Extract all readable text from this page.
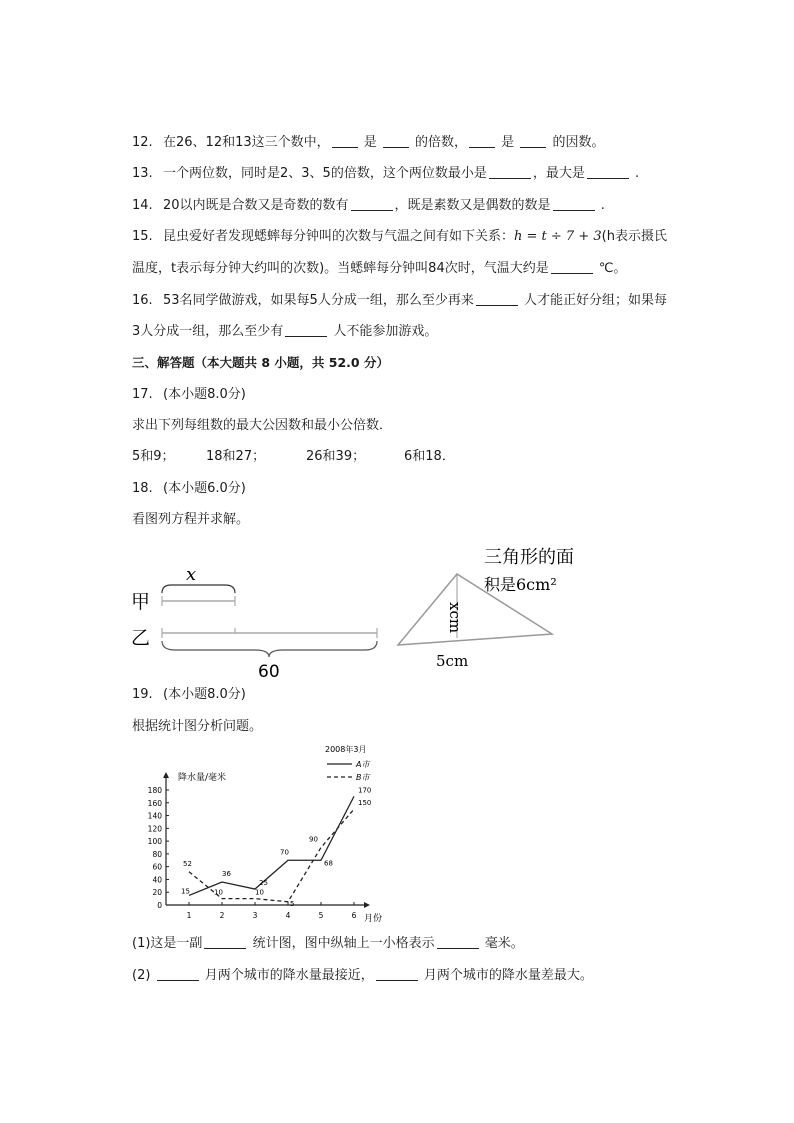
12. 在26、12和13这三个数中， 是  的倍数， 是  的因数。
13. 一个两位数，同时是2、3、5的倍数，这个两位数最小是	，最大是	.
14. 20以内既是合数又是奇数的数有	，既是素数又是偶数的数是	.
15. 昆虫爱好者发现蟋蟀每分钟叫的次数与气温之间有如下关系：h = t ÷ 7 + 3(h表示摄氏
温度，t表示每分钟大约叫的次数)。当蟋蟀每分钟叫84次时，气温大约是	℃。
16. 53名同学做游戏，如果每5人分成一组，那么至少再来	人才能正好分组；如果每
3人分成一组，那么至少有	人不能参加游戏。
三、解答题（本大题共 8 小题，共 52.0 分）
17. (本小题8.0分)
求出下列每组数的最大公因数和最小公倍数．
5和9； 18和27；	26和39；	6和18．
18. (本小题6.0分)
看图列方程并求解。
x
甲
乙
60
三角形的面
积是6cm²
xcm
5cm
19. (本小题8.0分)
根据统计图分析问题。
2008年3月
A市
B市
降水量/毫米
月份
0
20
40
60
80
100
120
140
160
180
1	2	3	4	5	6
15
36
25
70
170
52
10	10
5
90
150
68
(1)这是一副	统计图，图中纵轴上一小格表示	毫米。
(2)	月两个城市的降水量最接近，	月两个城市的降水量差最大。
